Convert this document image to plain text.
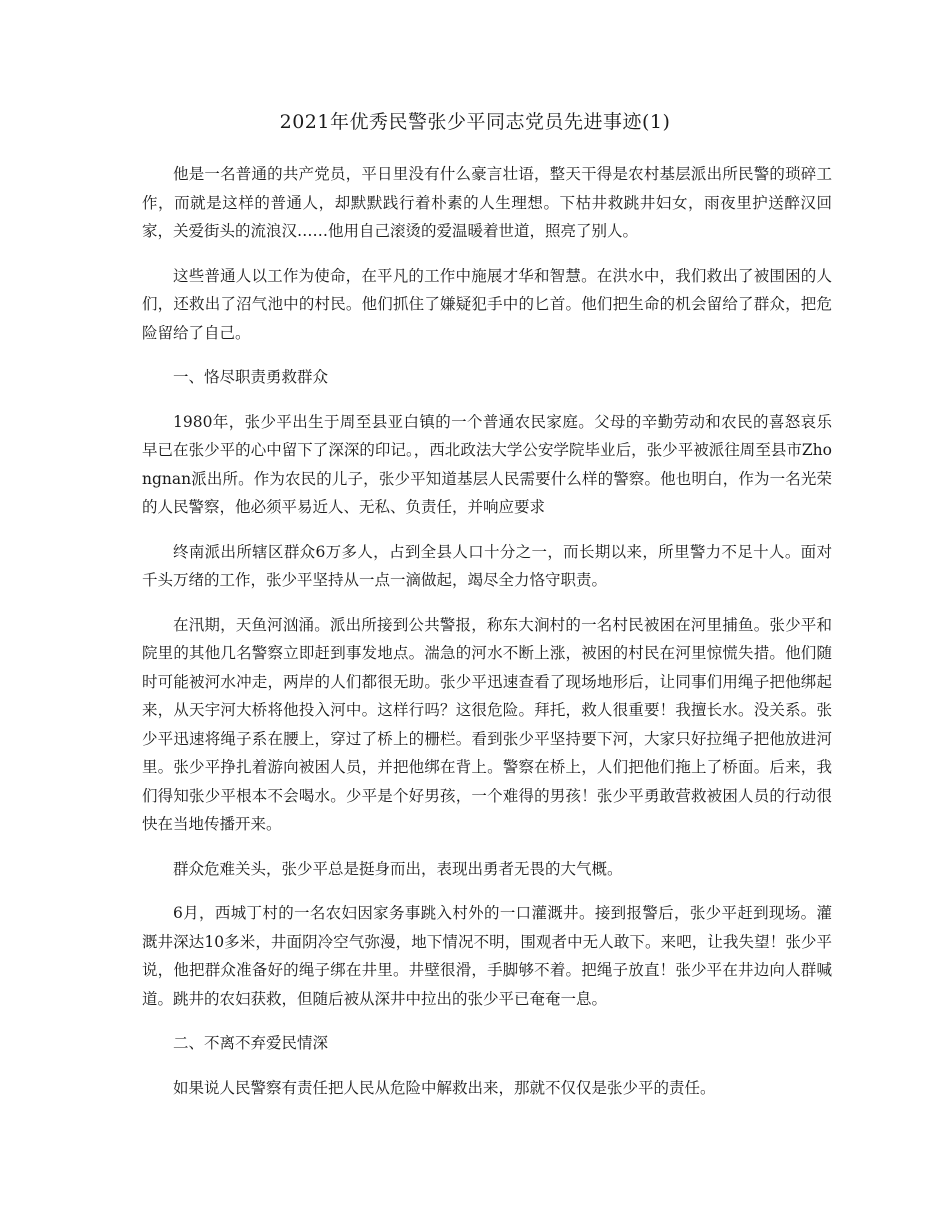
2021年优秀民警张少平同志党员先进事迹(1)

他是一名普通的共产党员，平日里没有什么豪言壮语，整天干得是农村基层派出所民警的琐碎工作，而就是这样的普通人，却默默践行着朴素的人生理想。下枯井救跳井妇女，雨夜里护送醉汉回家，关爱街头的流浪汉……他用自己滚烫的爱温暖着世道，照亮了别人。

这些普通人以工作为使命，在平凡的工作中施展才华和智慧。在洪水中，我们救出了被围困的人们，还救出了沼气池中的村民。他们抓住了嫌疑犯手中的匕首。他们把生命的机会留给了群众，把危险留给了自己。

一、恪尽职责勇救群众

1980年，张少平出生于周至县亚白镇的一个普通农民家庭。父母的辛勤劳动和农民的喜怒哀乐早已在张少平的心中留下了深深的印记。，西北政法大学公安学院毕业后，张少平被派往周至县市Zhongnan派出所。作为农民的儿子，张少平知道基层人民需要什么样的警察。他也明白，作为一名光荣的人民警察，他必须平易近人、无私、负责任，并响应要求

终南派出所辖区群众6万多人，占到全县人口十分之一，而长期以来，所里警力不足十人。面对千头万绪的工作，张少平坚持从一点一滴做起，竭尽全力恪守职责。

在汛期，天鱼河汹涌。派出所接到公共警报，称东大涧村的一名村民被困在河里捕鱼。张少平和院里的其他几名警察立即赶到事发地点。湍急的河水不断上涨，被困的村民在河里惊慌失措。他们随时可能被河水冲走，两岸的人们都很无助。张少平迅速查看了现场地形后，让同事们用绳子把他绑起来，从天宇河大桥将他投入河中。这样行吗？这很危险。拜托，救人很重要！我擅长水。没关系。张少平迅速将绳子系在腰上，穿过了桥上的栅栏。看到张少平坚持要下河，大家只好拉绳子把他放进河里。张少平挣扎着游向被困人员，并把他绑在背上。警察在桥上，人们把他们拖上了桥面。后来，我们得知张少平根本不会喝水。少平是个好男孩，一个难得的男孩！张少平勇敢营救被困人员的行动很快在当地传播开来。

群众危难关头，张少平总是挺身而出，表现出勇者无畏的大气概。

6月，西城丁村的一名农妇因家务事跳入村外的一口灌溉井。接到报警后，张少平赶到现场。灌溉井深达10多米，井面阴冷空气弥漫，地下情况不明，围观者中无人敢下。来吧，让我失望！张少平说，他把群众准备好的绳子绑在井里。井壁很滑，手脚够不着。把绳子放直！张少平在井边向人群喊道。跳井的农妇获救，但随后被从深井中拉出的张少平已奄奄一息。

二、不离不弃爱民情深

如果说人民警察有责任把人民从危险中解救出来，那就不仅仅是张少平的责任。
